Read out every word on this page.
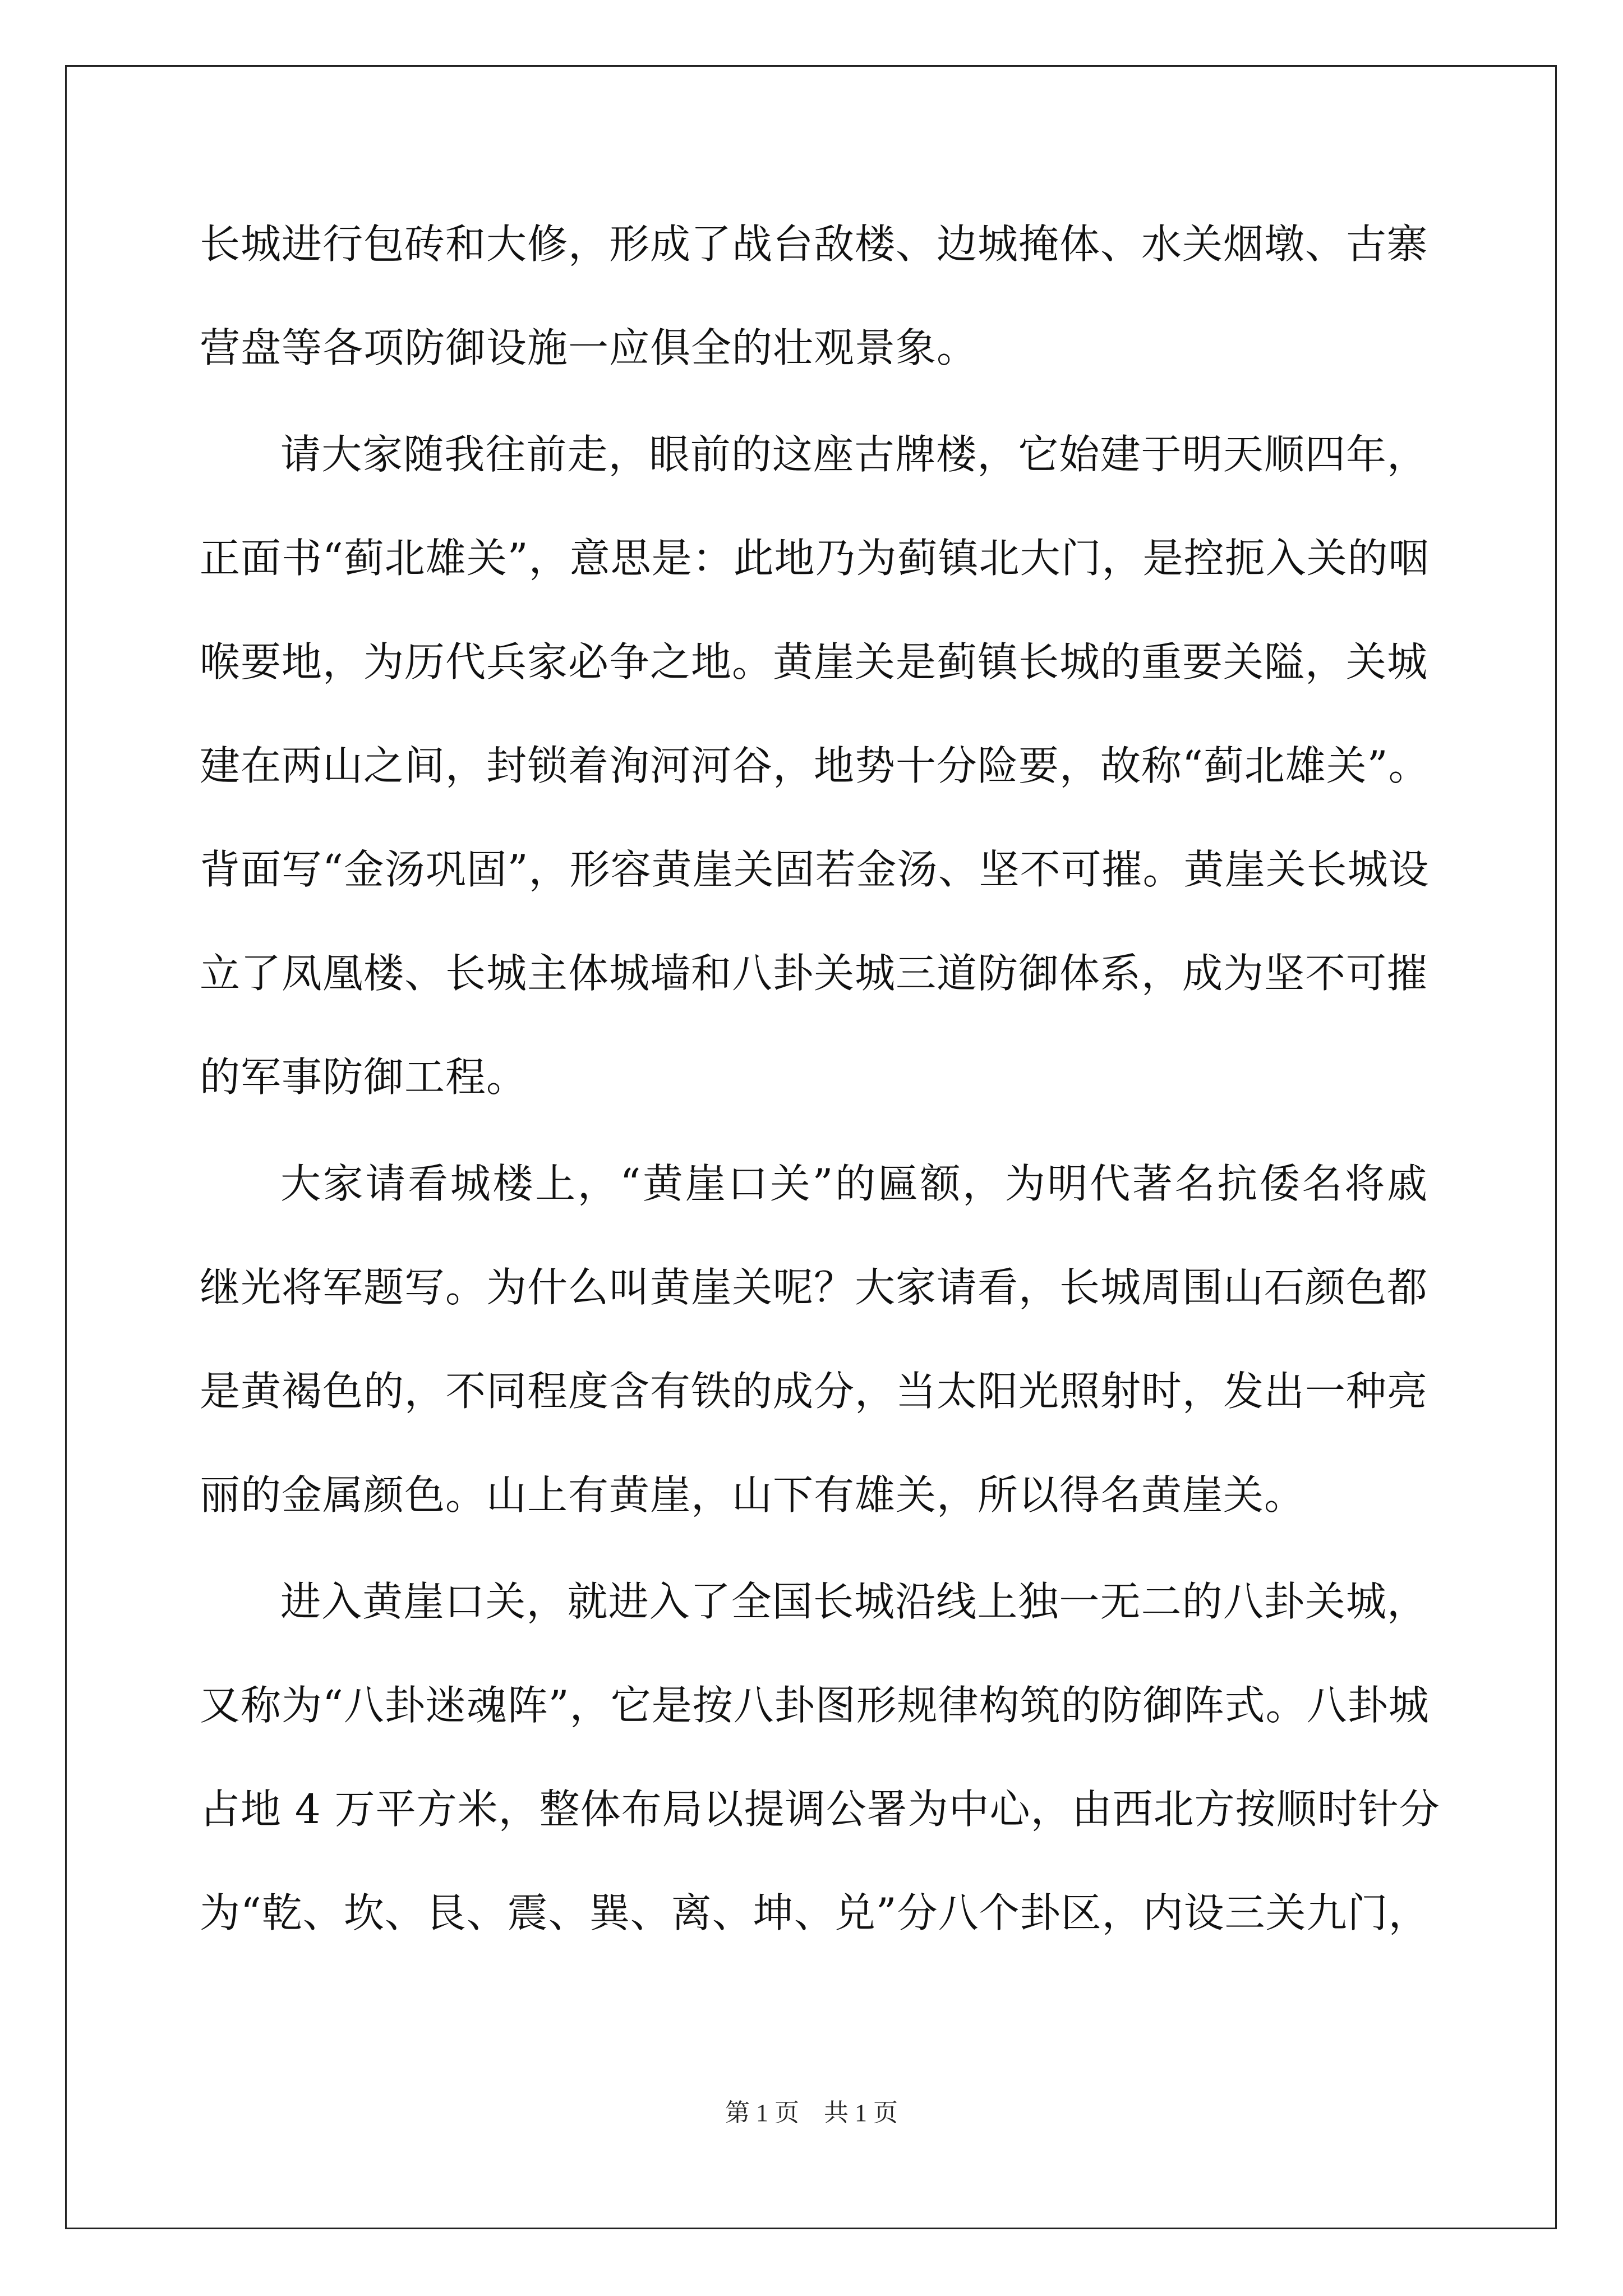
长城进行包砖和大修，形成了战台敌楼、边城掩体、水关烟墩、古寨
营盘等各项防御设施一应俱全的壮观景象。
请大家随我往前走，眼前的这座古牌楼，它始建于明天顺四年，
正面书“蓟北雄关”，意思是：此地乃为蓟镇北大门，是控扼入关的咽
喉要地，为历代兵家必争之地。黄崖关是蓟镇长城的重要关隘，关城
建在两山之间，封锁着洵河河谷，地势十分险要，故称“蓟北雄关”。
背面写“金汤巩固”，形容黄崖关固若金汤、坚不可摧。黄崖关长城设
立了凤凰楼、长城主体城墙和八卦关城三道防御体系，成为坚不可摧
的军事防御工程。
大家请看城楼上，“黄崖口关”的匾额，为明代著名抗倭名将戚
继光将军题写。为什么叫黄崖关呢？大家请看，长城周围山石颜色都
是黄褐色的，不同程度含有铁的成分，当太阳光照射时，发出一种亮
丽的金属颜色。山上有黄崖，山下有雄关，所以得名黄崖关。
进入黄崖口关，就进入了全国长城沿线上独一无二的八卦关城，
又称为“八卦迷魂阵”，它是按八卦图形规律构筑的防御阵式。八卦城
占地 4 万平方米，整体布局以提调公署为中心，由西北方按顺时针分
为“乾、坎、艮、震、巽、离、坤、兑”分八个卦区，内设三关九门，
第 1 页 共 1 页
